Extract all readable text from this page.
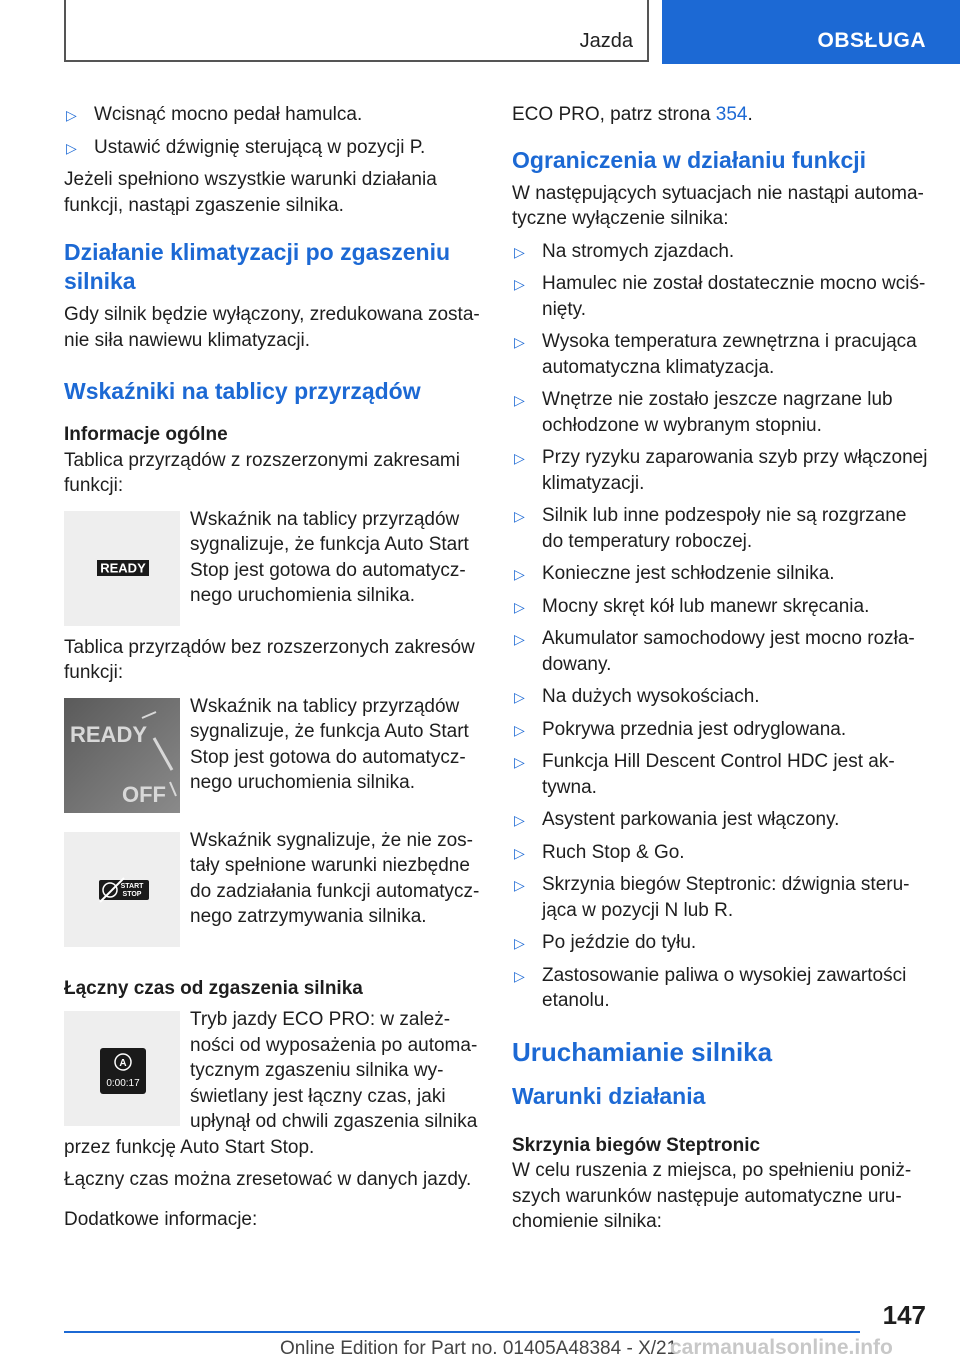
Jazda	OBSŁUGA
▷ Wcisnąć mocno pedał hamulca.
▷ Ustawić dźwignię sterującą w pozycji P.

Jeżeli spełniono wszystkie warunki działania funkcji, nastąpi zgaszenie silnika.

Działanie klimatyzacji po zgaszeniu silnika

Gdy silnik będzie wyłączony, zredukowana zosta-nie siła nawiewu klimatyzacji.

Wskaźniki na tablicy przyrządów
Informacje ogólne

Tablica przyrządów z rozszerzonymi zakresami funkcji:

READY
Wskaźnik na tablicy przyrządów sygnalizuje, że funkcja Auto Start Stop jest gotowa do automatycz-nego uruchomienia silnika.

Tablica przyrządów bez rozszerzonych zakresów funkcji:

READY
OFF
Wskaźnik na tablicy przyrządów sygnalizuje, że funkcja Auto Start Stop jest gotowa do automatycz-nego uruchomienia silnika.
START
STOP
Wskaźnik sygnalizuje, że nie zos-tały spełnione warunki niezbędne do zadziałania funkcji automatycz-nego zatrzymywania silnika.
Łączny czas od zgaszenia silnika
A
0:00:17

Tryb jazdy ECO PRO: w zależ-ności od wyposażenia po automa-tycznym zgaszeniu silnika wy-świetlany jest łączny czas, jaki upłynął od chwili zgaszenia silnika przez funkcję Auto Start Stop.

Łączny czas można zresetować w danych jazdy.

Dodatkowe informacje:

ECO PRO, patrz strona 354.

Ograniczenia w działaniu funkcji

W następujących sytuacjach nie nastąpi automa-tyczne wyłączenie silnika:

▷ Na stromych zjazdach.
▷ Hamulec nie został dostatecznie mocno wciś-nięty.
▷ Wysoka temperatura zewnętrzna i pracująca automatyczna klimatyzacja.
▷ Wnętrze nie zostało jeszcze nagrzane lub ochłodzone w wybranym stopniu.
▷ Przy ryzyku zaparowania szyb przy włączonej klimatyzacji.
▷ Silnik lub inne podzespoły nie są rozgrzane do temperatury roboczej.
▷ Konieczne jest schłodzenie silnika.
▷ Mocny skręt kół lub manewr skręcania.
▷ Akumulator samochodowy jest mocno rozła-dowany.
▷ Na dużych wysokościach.
▷ Pokrywa przednia jest odryglowana.
▷ Funkcja Hill Descent Control HDC jest ak-tywna.
▷ Asystent parkowania jest włączony.
▷ Ruch Stop & Go.
▷ Skrzynia biegów Steptronic: dźwignia steru-jąca w pozycji N lub R.
▷ Po jeździe do tyłu.
▷ Zastosowanie paliwa o wysokiej zawartości etanolu.
Uruchamianie silnika
Warunki działania
Skrzynia biegów Steptronic

W celu ruszenia z miejsca, po spełnieniu poniż-szych warunków następuje automatyczne uru-chomienie silnika:

147
Online Edition for Part no. 01405A48384 - X/21
carmanualsonline.info
